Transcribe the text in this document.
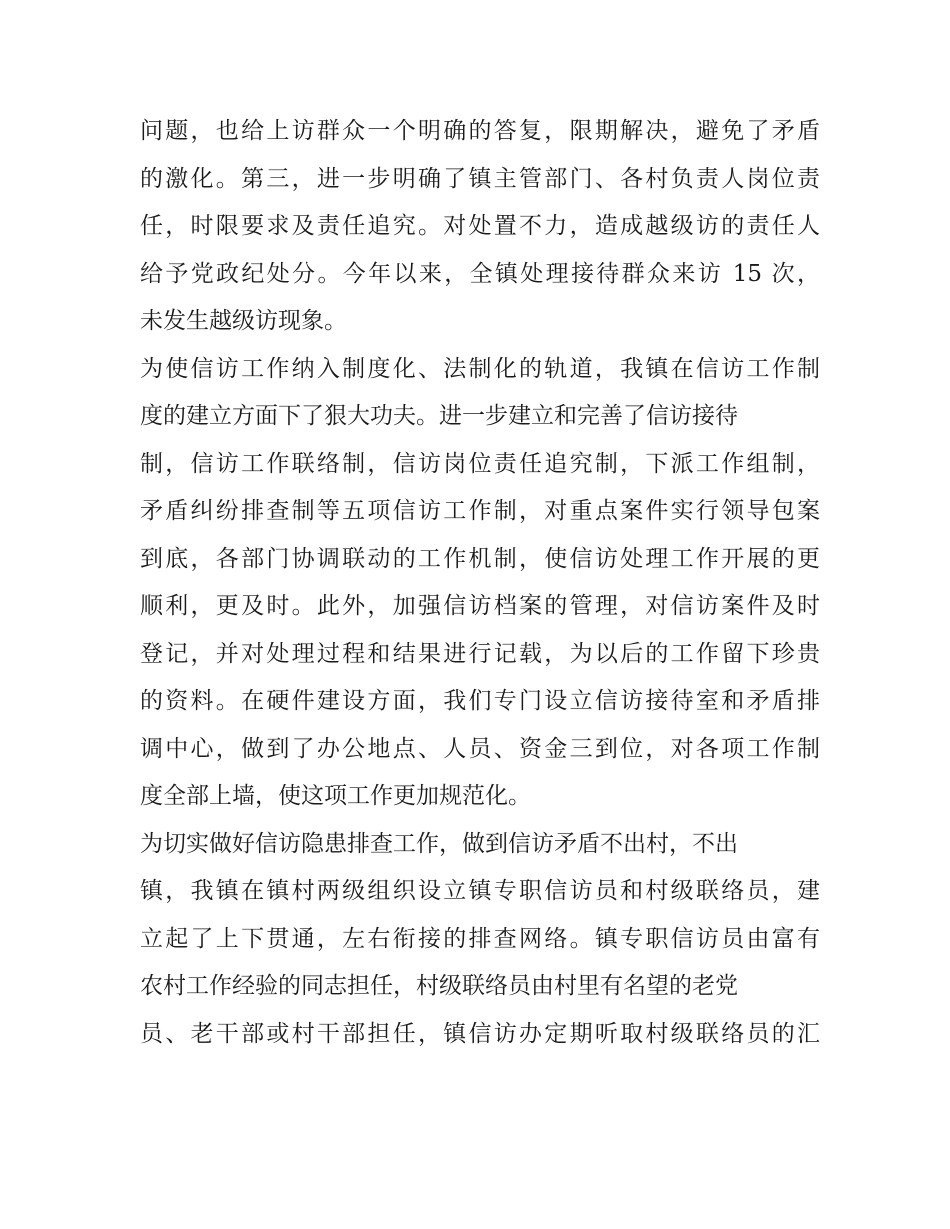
问题，也给上访群众一个明确的答复，限期解决，避免了矛盾
的激化。第三，进一步明确了镇主管部门、各村负责人岗位责
任，时限要求及责任追究。对处置不力，造成越级访的责任人
给予党政纪处分。今年以来，全镇处理接待群众来访 15 次，
未发生越级访现象。
为使信访工作纳入制度化、法制化的轨道，我镇在信访工作制
度的建立方面下了狠大功夫。进一步建立和完善了信访接待
制，信访工作联络制，信访岗位责任追究制，下派工作组制，
矛盾纠纷排查制等五项信访工作制，对重点案件实行领导包案
到底，各部门协调联动的工作机制，使信访处理工作开展的更
顺利，更及时。此外，加强信访档案的管理，对信访案件及时
登记，并对处理过程和结果进行记载，为以后的工作留下珍贵
的资料。在硬件建设方面，我们专门设立信访接待室和矛盾排
调中心，做到了办公地点、人员、资金三到位，对各项工作制
度全部上墙，使这项工作更加规范化。
为切实做好信访隐患排查工作，做到信访矛盾不出村，不出
镇，我镇在镇村两级组织设立镇专职信访员和村级联络员，建
立起了上下贯通，左右衔接的排查网络。镇专职信访员由富有
农村工作经验的同志担任，村级联络员由村里有名望的老党
员、老干部或村干部担任，镇信访办定期听取村级联络员的汇
